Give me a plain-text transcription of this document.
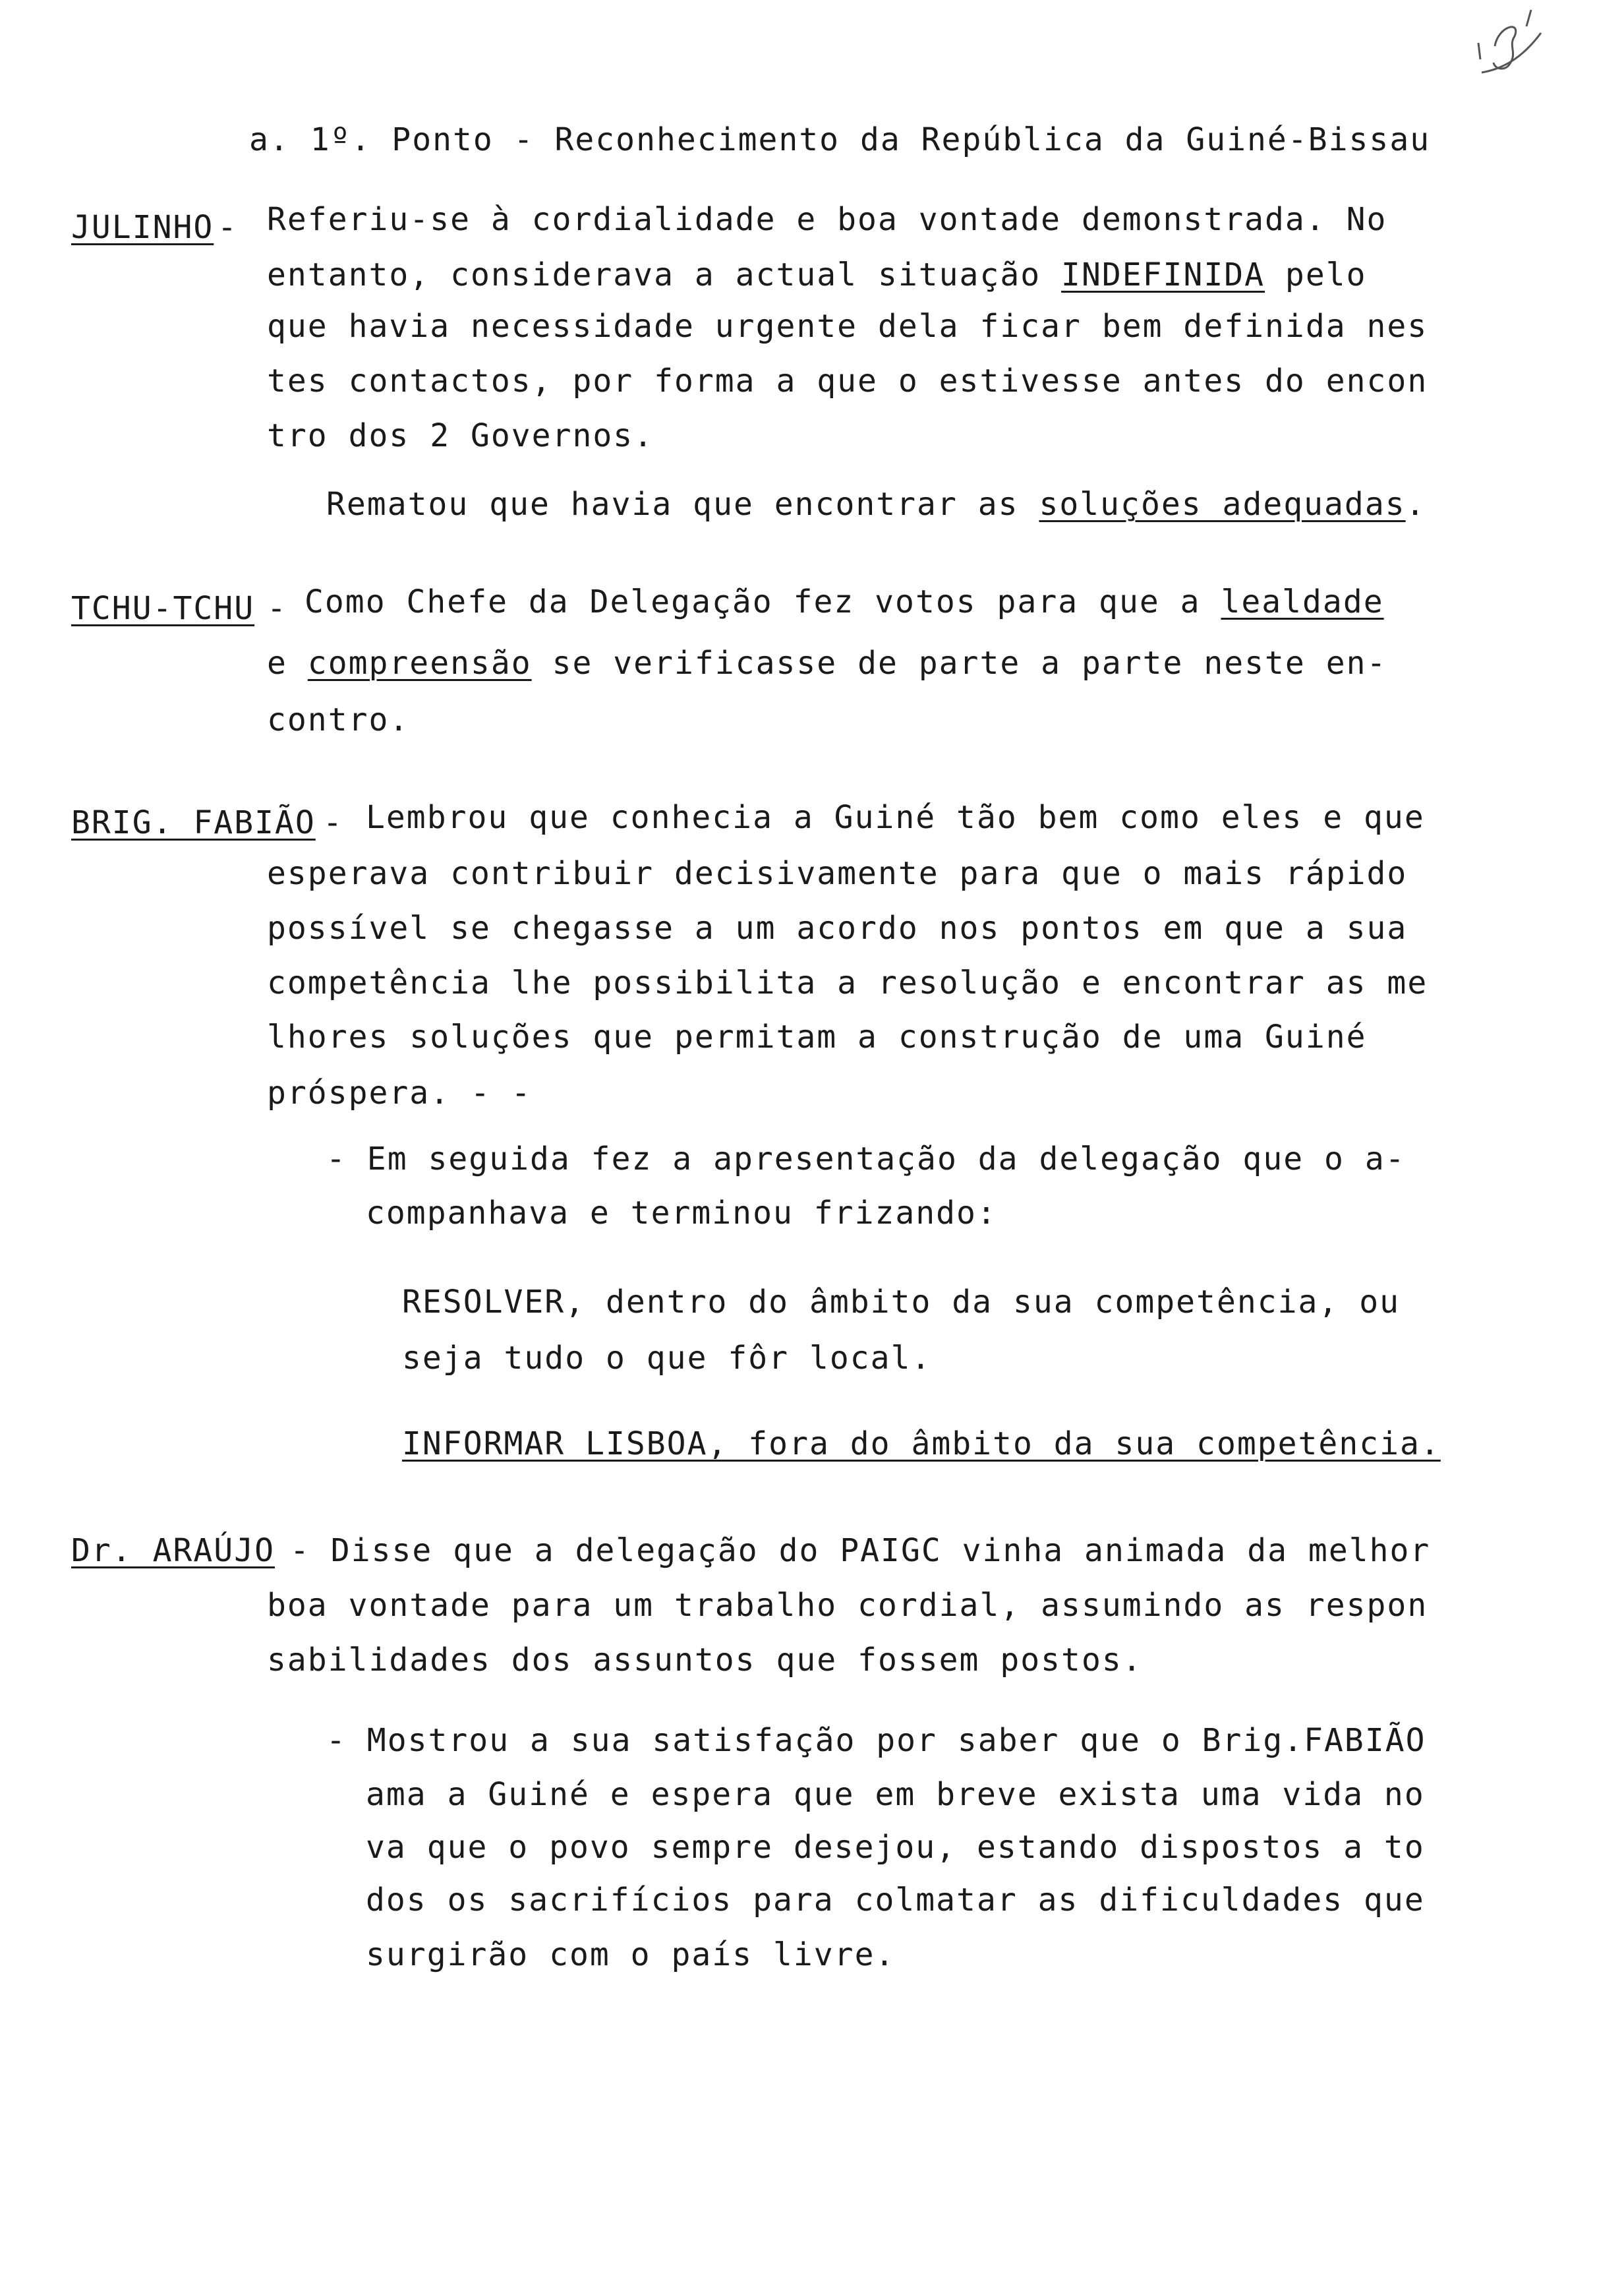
a. 1º. Ponto - Reconhecimento da República da Guiné-Bissau
JULINHO - Referiu-se à cordialidade e boa vontade demonstrada. No
entanto, considerava a actual situação INDEFINIDA pelo
que havia necessidade urgente dela ficar bem definida nes
tes contactos, por forma a que o estivesse antes do encon
tro dos 2 Governos.
Rematou que havia que encontrar as soluções adequadas.
TCHU-TCHU - Como Chefe da Delegação fez votos para que a lealdade
e compreensão se verificasse de parte a parte neste en-
contro.
BRIG. FABIÃO - Lembrou que conhecia a Guiné tão bem como eles e que
esperava contribuir decisivamente para que o mais rápido
possível se chegasse a um acordo nos pontos em que a sua
competência lhe possibilita a resolução e encontrar as me
lhores soluções que permitam a construção de uma Guiné
próspera. - -
- Em seguida fez a apresentação da delegação que o a-
companhava e terminou frizando:
RESOLVER, dentro do âmbito da sua competência, ou
seja tudo o que fôr local.
INFORMAR LISBOA, fora do âmbito da sua competência.
Dr. ARAÚJO - Disse que a delegação do PAIGC vinha animada da melhor
boa vontade para um trabalho cordial, assumindo as respon
sabilidades dos assuntos que fossem postos.
- Mostrou a sua satisfação por saber que o Brig.FABIÃO
ama a Guiné e espera que em breve exista uma vida no
va que o povo sempre desejou, estando dispostos a to
dos os sacrifícios para colmatar as dificuldades que
surgirão com o país livre.
